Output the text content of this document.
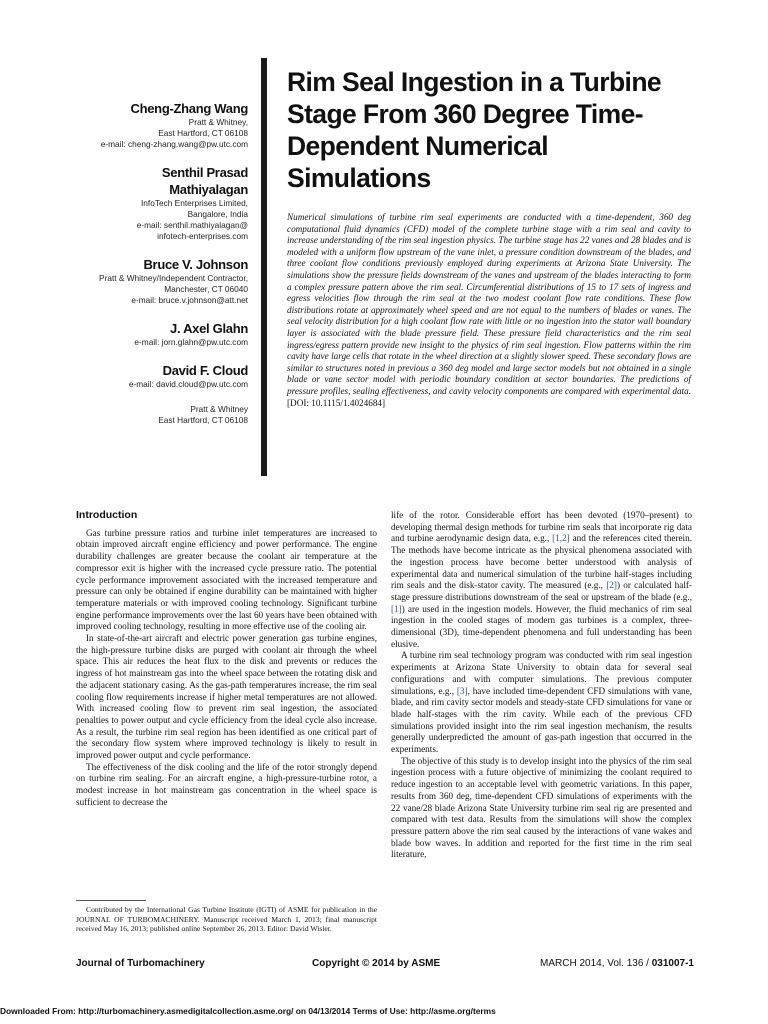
Cheng-Zhang Wang
Pratt & Whitney,
East Hartford, CT 06108
e-mail: cheng-zhang.wang@pw.utc.com
Senthil Prasad Mathiyalagan
InfoTech Enterprises Limited,
Bangalore, India
e-mail: senthil.mathiyalagan@
infotech-enterprises.com
Bruce V. Johnson
Pratt & Whitney/Independent Contractor,
Manchester, CT 06040
e-mail: bruce.v.johnson@att.net
J. Axel Glahn
e-mail: jorn.glahn@pw.utc.com
David F. Cloud
e-mail: david.cloud@pw.utc.com
Pratt & Whitney
East Hartford, CT 06108
Rim Seal Ingestion in a Turbine Stage From 360 Degree Time-Dependent Numerical Simulations

Numerical simulations of turbine rim seal experiments are conducted with a time-dependent, 360 deg computational fluid dynamics (CFD) model of the complete turbine stage with a rim seal and cavity to increase understanding of the rim seal ingestion physics. The turbine stage has 22 vanes and 28 blades and is modeled with a uniform flow upstream of the vane inlet, a pressure condition downstream of the blades, and three coolant flow conditions previously employed during experiments at Arizona State University. The simulations show the pressure fields downstream of the vanes and upstream of the blades interacting to form a complex pressure pattern above the rim seal. Circumferential distributions of 15 to 17 sets of ingress and egress velocities flow through the rim seal at the two modest coolant flow rate conditions. These flow distributions rotate at approximately wheel speed and are not equal to the numbers of blades or vanes. The seal velocity distribution for a high coolant flow rate with little or no ingestion into the stator wall boundary layer is associated with the blade pressure field. These pressure field characteristics and the rim seal ingress/egress pattern provide new insight to the physics of rim seal ingestion. Flow patterns within the rim cavity have large cells that rotate in the wheel direction at a slightly slower speed. These secondary flows are similar to structures noted in previous a 360 deg model and large sector models but not obtained in a single blade or vane sector model with periodic boundary condition at sector boundaries. The predictions of pressure profiles, sealing effectiveness, and cavity velocity components are compared with experimental data. [DOI: 10.1115/1.4024684]

Introduction

Gas turbine pressure ratios and turbine inlet temperatures are increased to obtain improved aircraft engine efficiency and power performance. The engine durability challenges are greater because the coolant air temperature at the compressor exit is higher with the increased cycle pressure ratio. The potential cycle performance improvement associated with the increased temperature and pressure can only be obtained if engine durability can be maintained with higher temperature materials or with improved cooling technology. Significant turbine engine performance improvements over the last 60 years have been obtained with improved cooling technology, resulting in more effective use of the cooling air.

In state-of-the-art aircraft and electric power generation gas turbine engines, the high-pressure turbine disks are purged with coolant air through the wheel space. This air reduces the heat flux to the disk and prevents or reduces the ingress of hot mainstream gas into the wheel space between the rotating disk and the adjacent stationary casing. As the gas-path temperatures increase, the rim seal cooling flow requirements increase if higher metal temperatures are not allowed. With increased cooling flow to prevent rim seal ingestion, the associated penalties to power output and cycle efficiency from the ideal cycle also increase. As a result, the turbine rim seal region has been identified as one critical part of the secondary flow system where improved technology is likely to result in improved power output and cycle performance.

The effectiveness of the disk cooling and the life of the rotor strongly depend on turbine rim sealing. For an aircraft engine, a high-pressure-turbine rotor, a modest increase in hot mainstream gas concentration in the wheel space is sufficient to decrease the

life of the rotor. Considerable effort has been devoted (1970–present) to developing thermal design methods for turbine rim seals that incorporate rig data and turbine aerodynamic design data, e.g., [1,2] and the references cited therein. The methods have become intricate as the physical phenomena associated with the ingestion process have become better understood with analysis of experimental data and numerical simulation of the turbine half-stages including rim seals and the disk-stator cavity. The measured (e.g., [2]) or calculated half-stage pressure distributions downstream of the seal or upstream of the blade (e.g., [1]) are used in the ingestion models. However, the fluid mechanics of rim seal ingestion in the cooled stages of modern gas turbines is a complex, three-dimensional (3D), time-dependent phenomena and full understanding has been elusive.

A turbine rim seal technology program was conducted with rim seal ingestion experiments at Arizona State University to obtain data for several seal configurations and with computer simulations. The previous computer simulations, e.g., [3], have included time-dependent CFD simulations with vane, blade, and rim cavity sector models and steady-state CFD simulations for vane or blade half-stages with the rim cavity. While each of the previous CFD simulations provided insight into the rim seal ingestion mechanism, the results generally underpredicted the amount of gas-path ingestion that occurred in the experiments.

The objective of this study is to develop insight into the physics of the rim seal ingestion process with a future objective of minimizing the coolant required to reduce ingestion to an acceptable level with geometric variations. In this paper, results from 360 deg, time-dependent CFD simulations of experiments with the 22 vane/28 blade Arizona State University turbine rim seal rig are presented and compared with test data. Results from the simulations will show the complex pressure pattern above the rim seal caused by the interactions of vane wakes and blade bow waves. In addition and reported for the first time in the rim seal literature,

Contributed by the International Gas Turbine Institute (IGTI) of ASME for publication in the JOURNAL OF TURBOMACHINERY. Manuscript received March 1, 2013; final manuscript received May 16, 2013; published online September 26, 2013. Editor: David Wisler.

Journal of Turbomachinery	Copyright © 2014 by ASME	MARCH 2014, Vol. 136 / 031007-1
Downloaded From: http://turbomachinery.asmedigitalcollection.asme.org/ on 04/13/2014 Terms of Use: http://asme.org/terms
